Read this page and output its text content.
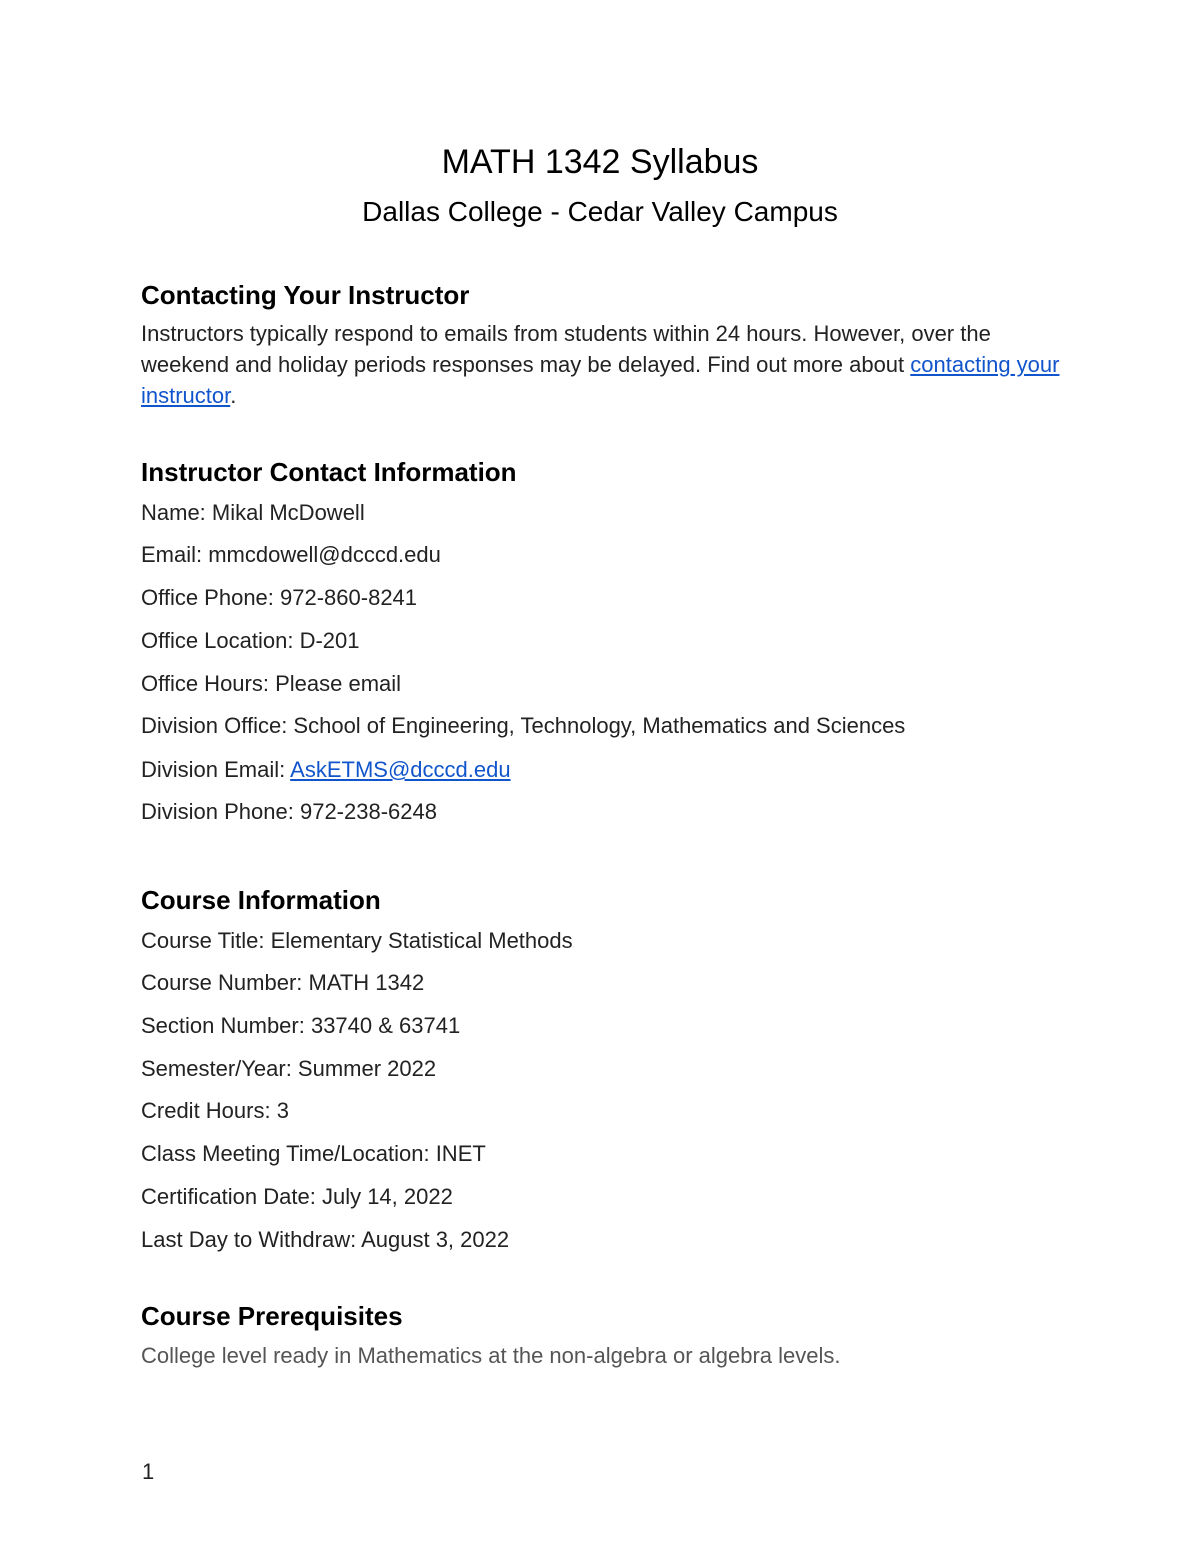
MATH 1342 Syllabus
Dallas College - Cedar Valley Campus
Contacting Your Instructor

Instructors typically respond to emails from students within 24 hours. However, over the weekend and holiday periods responses may be delayed. Find out more about contacting your instructor.

Instructor Contact Information

Name: Mikal McDowell

Email: mmcdowell@dcccd.edu

Office Phone: 972-860-8241

Office Location: D-201

Office Hours: Please email

Division Office: School of Engineering, Technology, Mathematics and Sciences

Division Email: AskETMS@dcccd.edu

Division Phone: 972-238-6248

Course Information

Course Title: Elementary Statistical Methods

Course Number: MATH 1342

Section Number: 33740 & 63741

Semester/Year: Summer 2022

Credit Hours: 3

Class Meeting Time/Location: INET

Certification Date: July 14, 2022

Last Day to Withdraw: August 3, 2022

Course Prerequisites

College level ready in Mathematics at the non-algebra or algebra levels.

1
